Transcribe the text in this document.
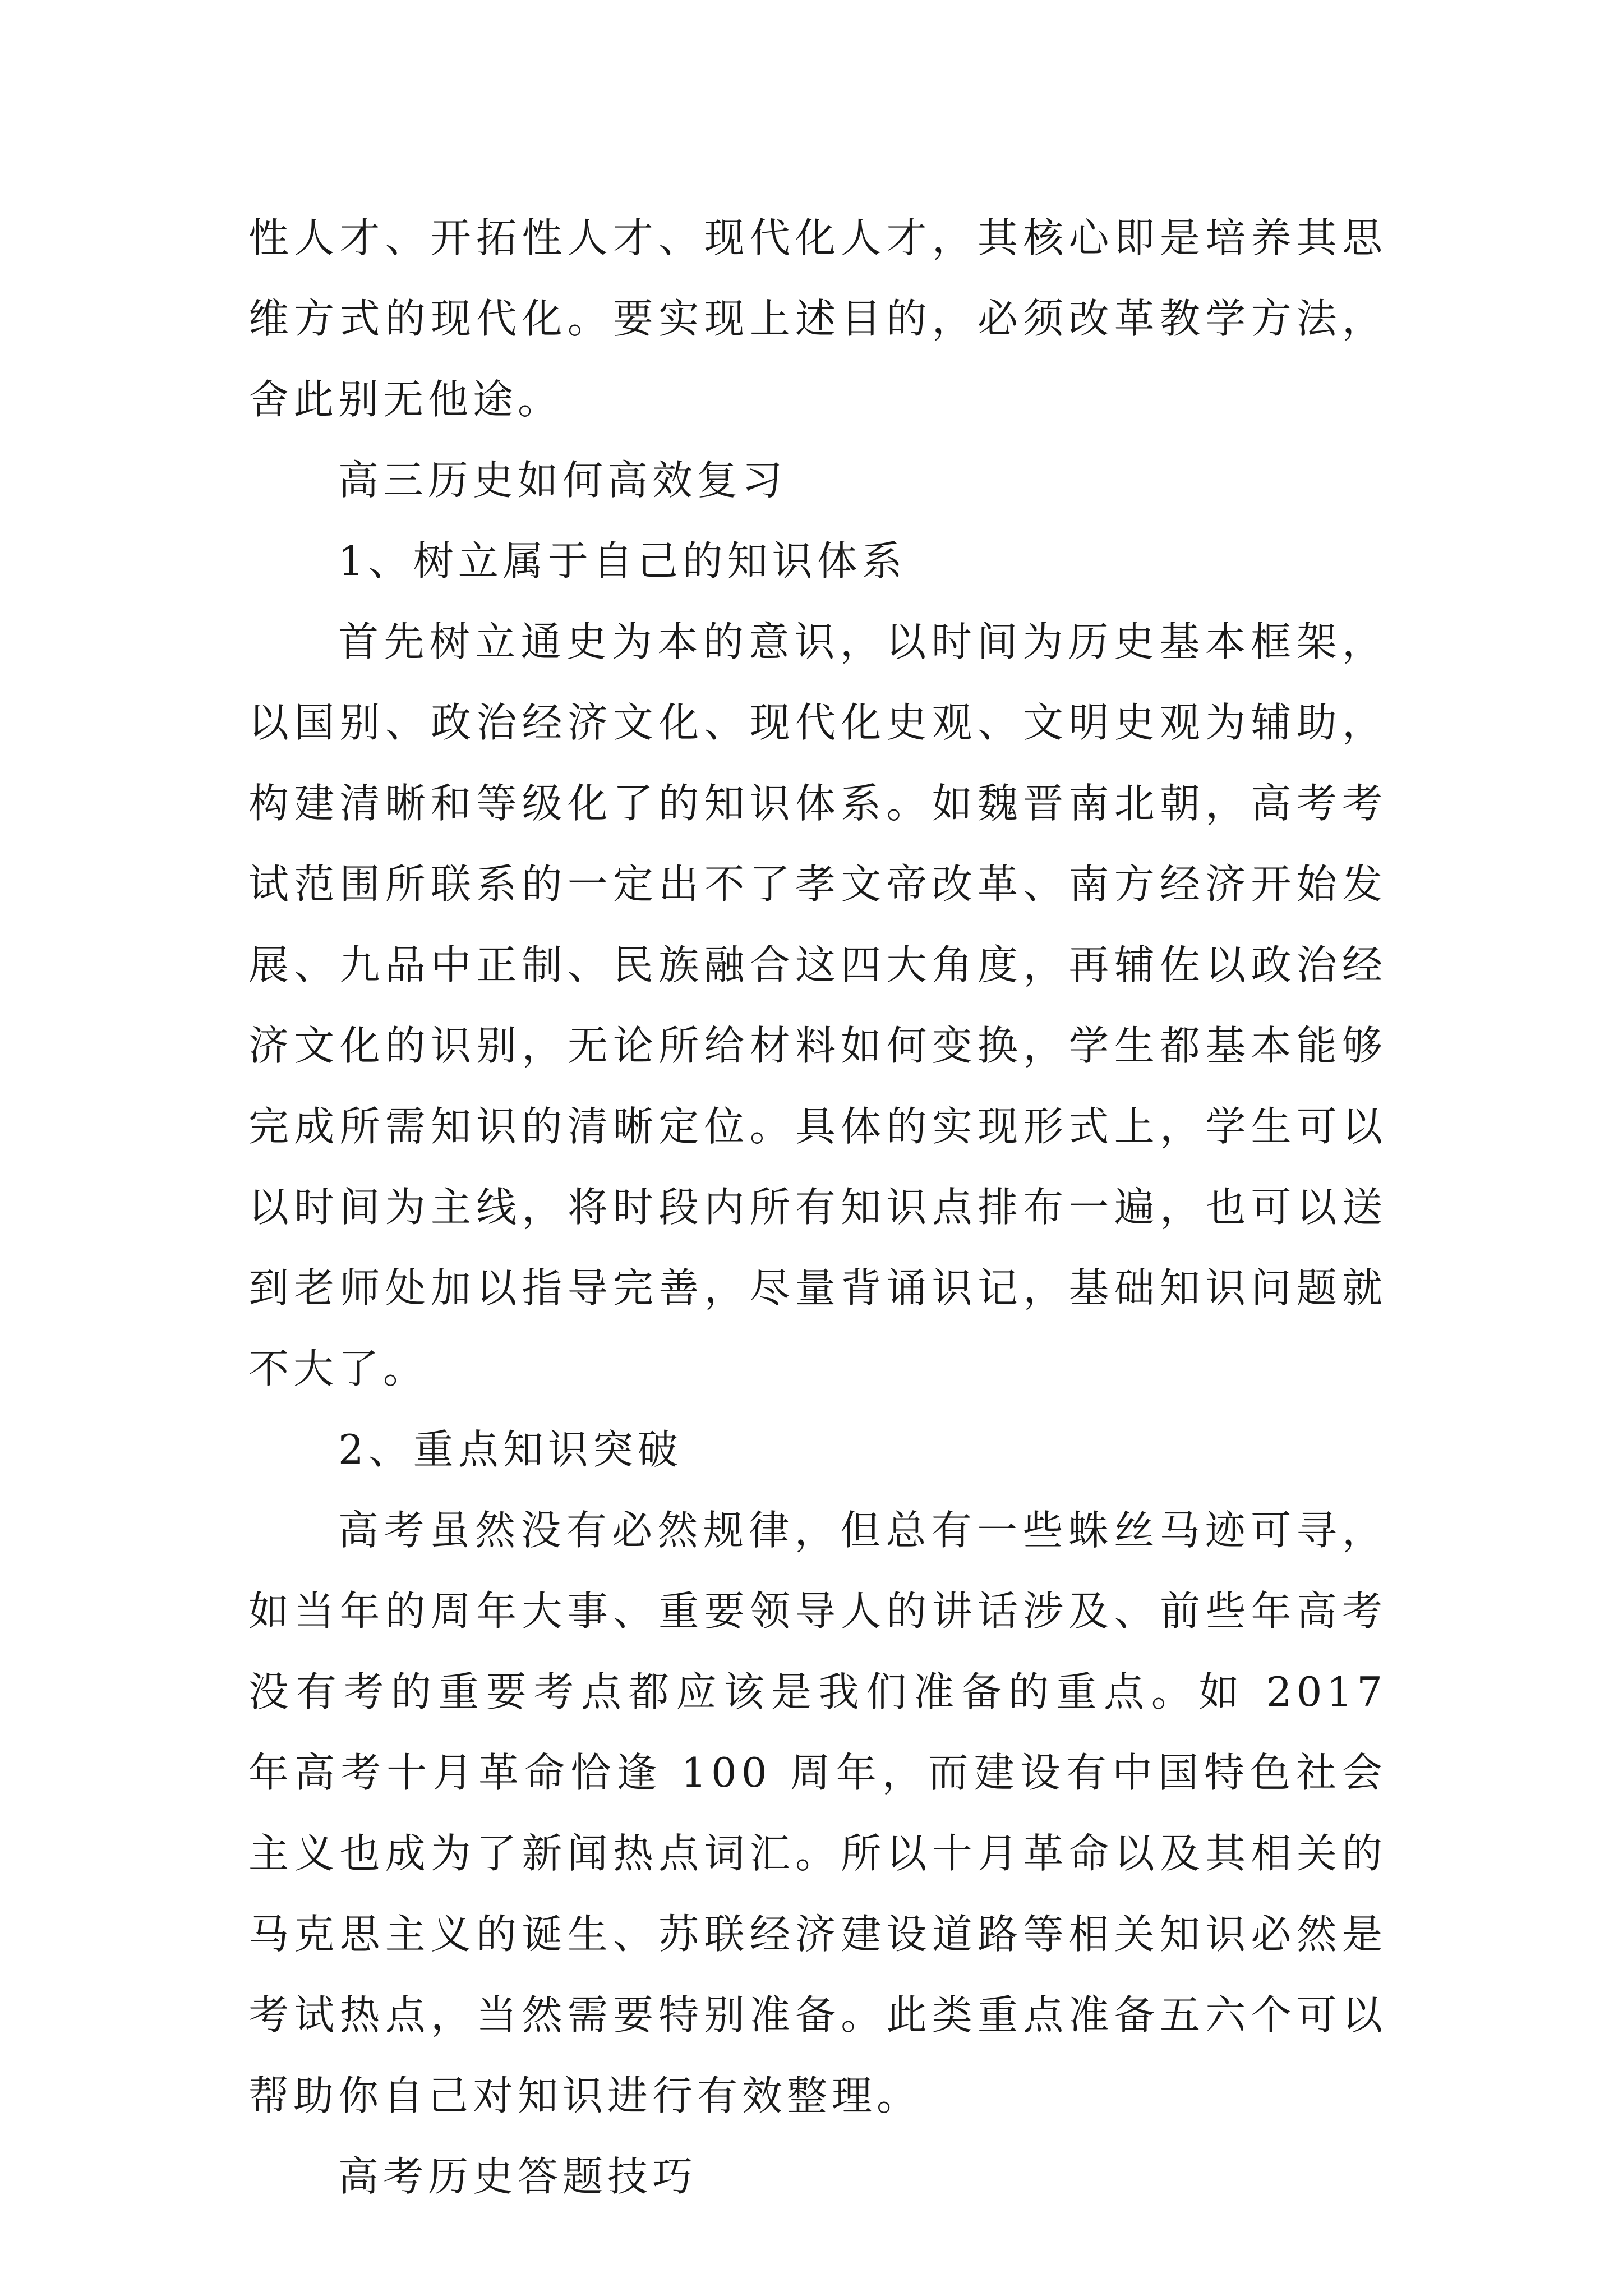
性人才、开拓性人才、现代化人才，其核心即是培养其思维方式的现代化。要实现上述目的，必须改革教学方法，舍此别无他途。

高三历史如何高效复习

1、树立属于自己的知识体系

首先树立通史为本的意识，以时间为历史基本框架，以国别、政治经济文化、现代化史观、文明史观为辅助，构建清晰和等级化了的知识体系。如魏晋南北朝，高考考试范围所联系的一定出不了孝文帝改革、南方经济开始发展、九品中正制、民族融合这四大角度，再辅佐以政治经济文化的识别，无论所给材料如何变换，学生都基本能够完成所需知识的清晰定位。具体的实现形式上，学生可以以时间为主线，将时段内所有知识点排布一遍，也可以送到老师处加以指导完善，尽量背诵识记，基础知识问题就不大了。

2、重点知识突破

高考虽然没有必然规律，但总有一些蛛丝马迹可寻，如当年的周年大事、重要领导人的讲话涉及、前些年高考没有考的重要考点都应该是我们准备的重点。如 2017 年高考十月革命恰逢 100 周年，而建设有中国特色社会主义也成为了新闻热点词汇。所以十月革命以及其相关的马克思主义的诞生、苏联经济建设道路等相关知识必然是考试热点，当然需要特别准备。此类重点准备五六个可以帮助你自己对知识进行有效整理。

高考历史答题技巧
